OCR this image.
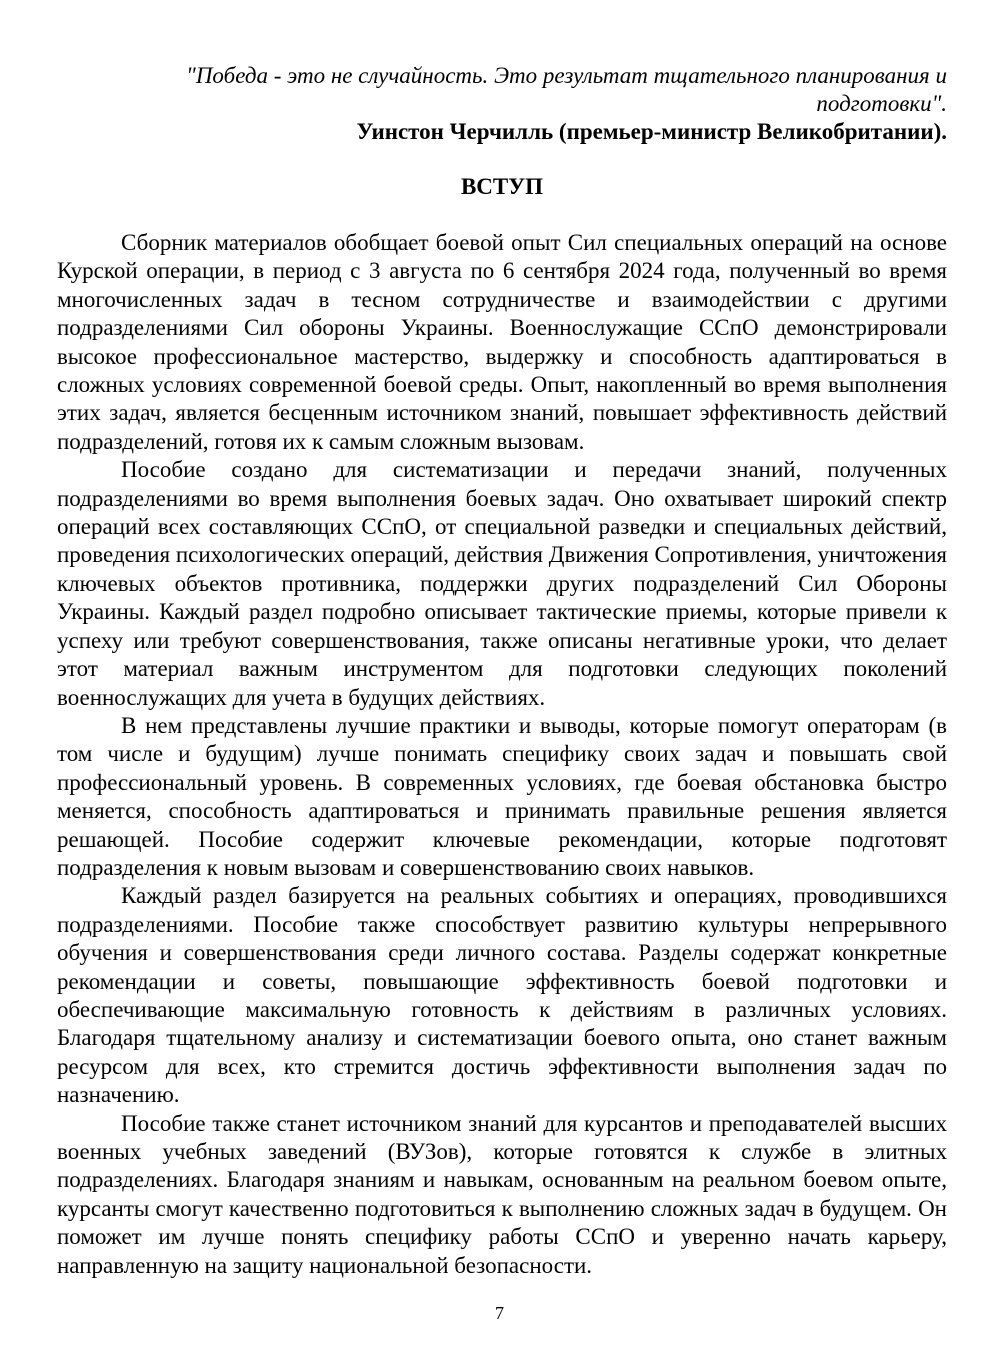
"Победа - это не случайность. Это результат тщательного планирования и подготовки".

Уинстон Черчилль (премьер-министр Великобритании).

ВСТУП

Сборник материалов обобщает боевой опыт Сил специальных операций на основе Курской операции, в период с 3 августа по 6 сентября 2024 года, полученный во время многочисленных задач в тесном сотрудничестве и взаимодействии с другими подразделениями Сил обороны Украины. Военнослужащие ССпО демонстрировали высокое профессиональное мастерство, выдержку и способность адаптироваться в сложных условиях современной боевой среды. Опыт, накопленный во время выполнения этих задач, является бесценным источником знаний, повышает эффективность действий подразделений, готовя их к самым сложным вызовам.

Пособие создано для систематизации и передачи знаний, полученных подразделениями во время выполнения боевых задач. Оно охватывает широкий спектр операций всех составляющих ССпО, от специальной разведки и специальных действий, проведения психологических операций, действия Движения Сопротивления, уничтожения ключевых объектов противника, поддержки других подразделений Сил Обороны Украины. Каждый раздел подробно описывает тактические приемы, которые привели к успеху или требуют совершенствования, также описаны негативные уроки, что делает этот материал важным инструментом для подготовки следующих поколений военнослужащих для учета в будущих действиях.

В нем представлены лучшие практики и выводы, которые помогут операторам (в том числе и будущим) лучше понимать специфику своих задач и повышать свой профессиональный уровень. В современных условиях, где боевая обстановка быстро меняется, способность адаптироваться и принимать правильные решения является решающей. Пособие содержит ключевые рекомендации, которые подготовят подразделения к новым вызовам и совершенствованию своих навыков.

Каждый раздел базируется на реальных событиях и операциях, проводившихся подразделениями. Пособие также способствует развитию культуры непрерывного обучения и совершенствования среди личного состава. Разделы содержат конкретные рекомендации и советы, повышающие эффективность боевой подготовки и обеспечивающие максимальную готовность к действиям в различных условиях. Благодаря тщательному анализу и систематизации боевого опыта, оно станет важным ресурсом для всех, кто стремится достичь эффективности выполнения задач по назначению.

Пособие также станет источником знаний для курсантов и преподавателей высших военных учебных заведений (ВУЗов), которые готовятся к службе в элитных подразделениях. Благодаря знаниям и навыкам, основанным на реальном боевом опыте, курсанты смогут качественно подготовиться к выполнению сложных задач в будущем. Он поможет им лучше понять специфику работы ССпО и уверенно начать карьеру, направленную на защиту национальной безопасности.

7
